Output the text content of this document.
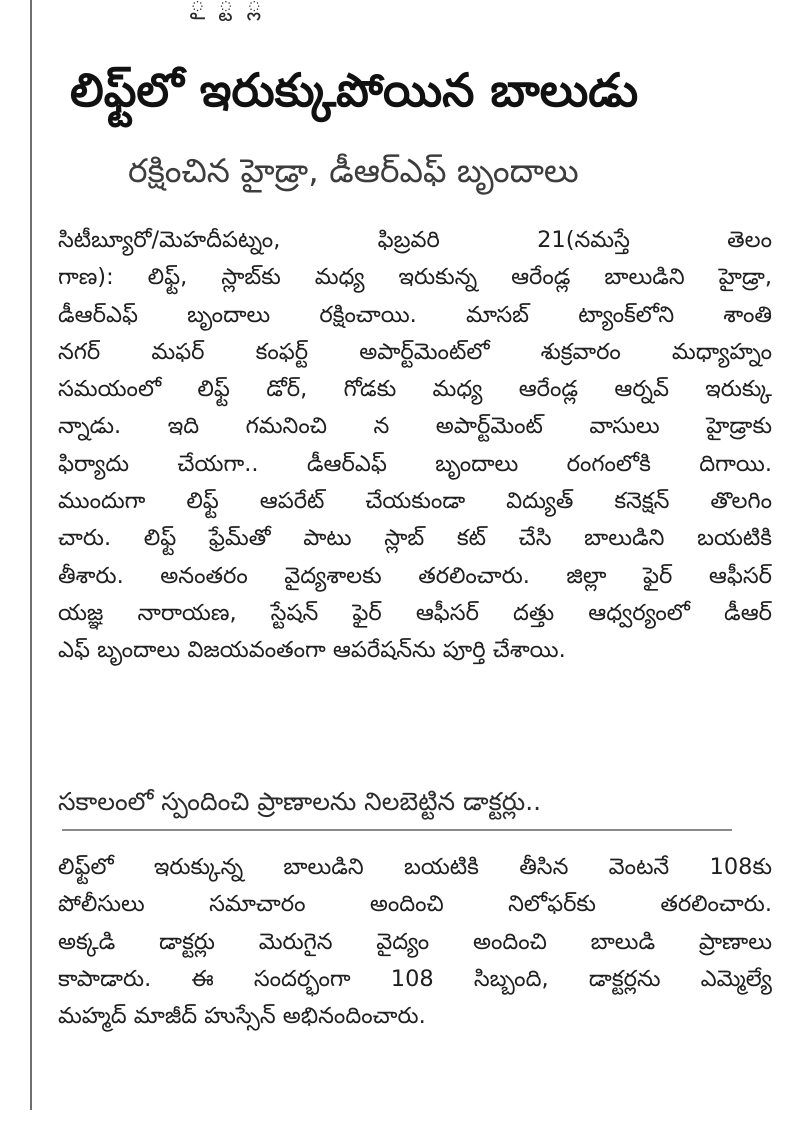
ౖ ్ట ్ల
లిఫ్ట్‌లో ఇరుక్కుపోయిన బాలుడు
రక్షించిన హైడ్రా, డీఆర్ఎఫ్ బృందాలు
సిటీబ్యూరో/మెహదీపట్నం, ఫిబ్రవరి 21(నమస్తే తెలం
గాణ): లిఫ్ట్, స్లాబ్‌కు మధ్య ఇరుకున్న ఆరేండ్ల బాలుడిని హైడ్రా,
డీఆర్ఎఫ్ బృందాలు రక్షించాయి. మాసబ్ ట్యాంక్‌లోని శాంతి
నగర్ మఫర్ కంఫర్ట్ అపార్ట్‌మెంట్‌లో శుక్రవారం మధ్యాహ్నం
సమయంలో లిఫ్ట్ డోర్, గోడకు మధ్య ఆరేండ్ల ఆర్నవ్ ఇరుక్కు
న్నాడు. ఇది గమనించి న అపార్ట్‌మెంట్ వాసులు హైడ్రాకు
ఫిర్యాదు చేయగా.. డీఆర్ఎఫ్ బృందాలు రంగంలోకి దిగాయి.
ముందుగా లిఫ్ట్ ఆపరేట్ చేయకుండా విద్యుత్ కనెక్షన్ తొలగిం
చారు. లిఫ్ట్ ఫ్రేమ్‌తో పాటు స్లాబ్ కట్ చేసి బాలుడిని బయటికి
తీశారు. అనంతరం వైద్యశాలకు తరలించారు. జిల్లా ఫైర్ ఆఫీసర్
యజ్ఞ నారాయణ, స్టేషన్ ఫైర్ ఆఫీసర్ దత్తు ఆధ్వర్యంలో డీఆర్
ఎఫ్ బృందాలు విజయవంతంగా ఆపరేషన్‌ను పూర్తి చేశాయి.
సకాలంలో స్పందించి ప్రాణాలను నిలబెట్టిన డాక్టర్లు..
లిఫ్ట్‌లో ఇరుక్కున్న బాలుడిని బయటికి తీసిన వెంటనే 108కు
పోలీసులు సమాచారం అందించి నిలోఫర్‌కు తరలించారు.
అక్కడి డాక్టర్లు మెరుగైన వైద్యం అందించి బాలుడి ప్రాణాలు
కాపాడారు. ఈ సందర్భంగా 108 సిబ్బంది, డాక్టర్లను ఎమ్మెల్యే
మహ్మద్ మాజీద్ హుస్సేన్ అభినందించారు.
